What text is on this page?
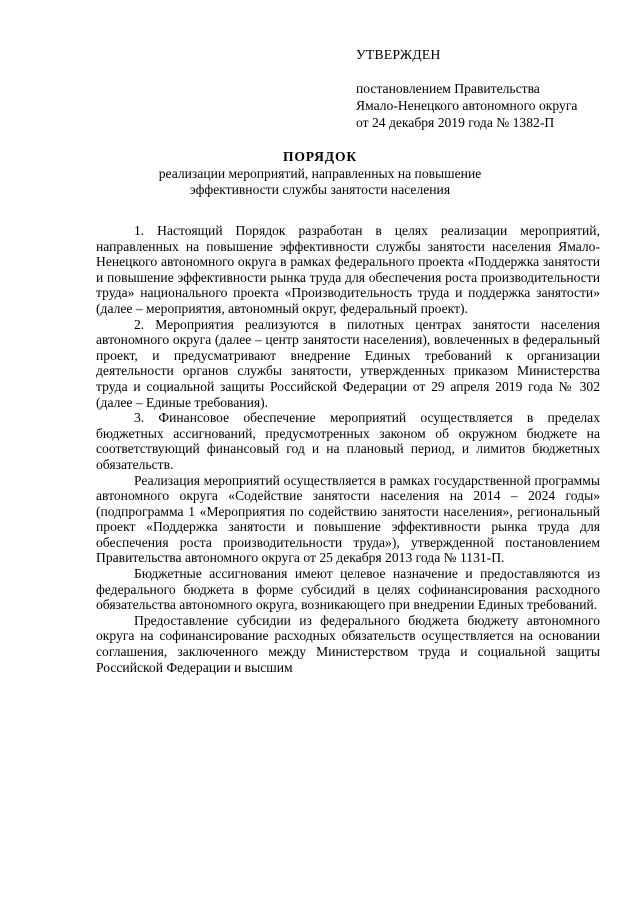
УТВЕРЖДЕН
постановлением Правительства
Ямало-Ненецкого автономного округа
от 24 декабря 2019 года № 1382-П
ПОРЯДОК
реализации мероприятий, направленных на повышение
эффективности службы занятости населения

1. Настоящий Порядок разработан в целях реализации мероприятий, направленных на повышение эффективности службы занятости населения Ямало-Ненецкого автономного округа в рамках федерального проекта «Поддержка занятости и повышение эффективности рынка труда для обеспечения роста производительности труда» национального проекта «Производительность труда и поддержка занятости» (далее – мероприятия, автономный округ, федеральный проект).

2. Мероприятия реализуются в пилотных центрах занятости населения автономного округа (далее – центр занятости населения), вовлеченных в федеральный проект, и предусматривают внедрение Единых требований к организации деятельности органов службы занятости, утвержденных приказом Министерства труда и социальной защиты Российской Федерации от 29 апреля 2019 года № 302 (далее – Единые требования).

3. Финансовое обеспечение мероприятий осуществляется в пределах бюджетных ассигнований, предусмотренных законом об окружном бюджете на соответствующий финансовый год и на плановый период, и лимитов бюджетных обязательств.

Реализация мероприятий осуществляется в рамках государственной программы автономного округа «Содействие занятости населения на 2014 – 2024 годы» (подпрограмма 1 «Мероприятия по содействию занятости населения», региональный проект «Поддержка занятости и повышение эффективности рынка труда для обеспечения роста производительности труда»), утвержденной постановлением Правительства автономного округа от 25 декабря 2013 года № 1131-П.

Бюджетные ассигнования имеют целевое назначение и предоставляются из федерального бюджета в форме субсидий в целях софинансирования расходного обязательства автономного округа, возникающего при внедрении Единых требований.

Предоставление субсидии из федерального бюджета бюджету автономного округа на софинансирование расходных обязательств осуществляется на основании соглашения, заключенного между Министерством труда и социальной защиты Российской Федерации и высшим
